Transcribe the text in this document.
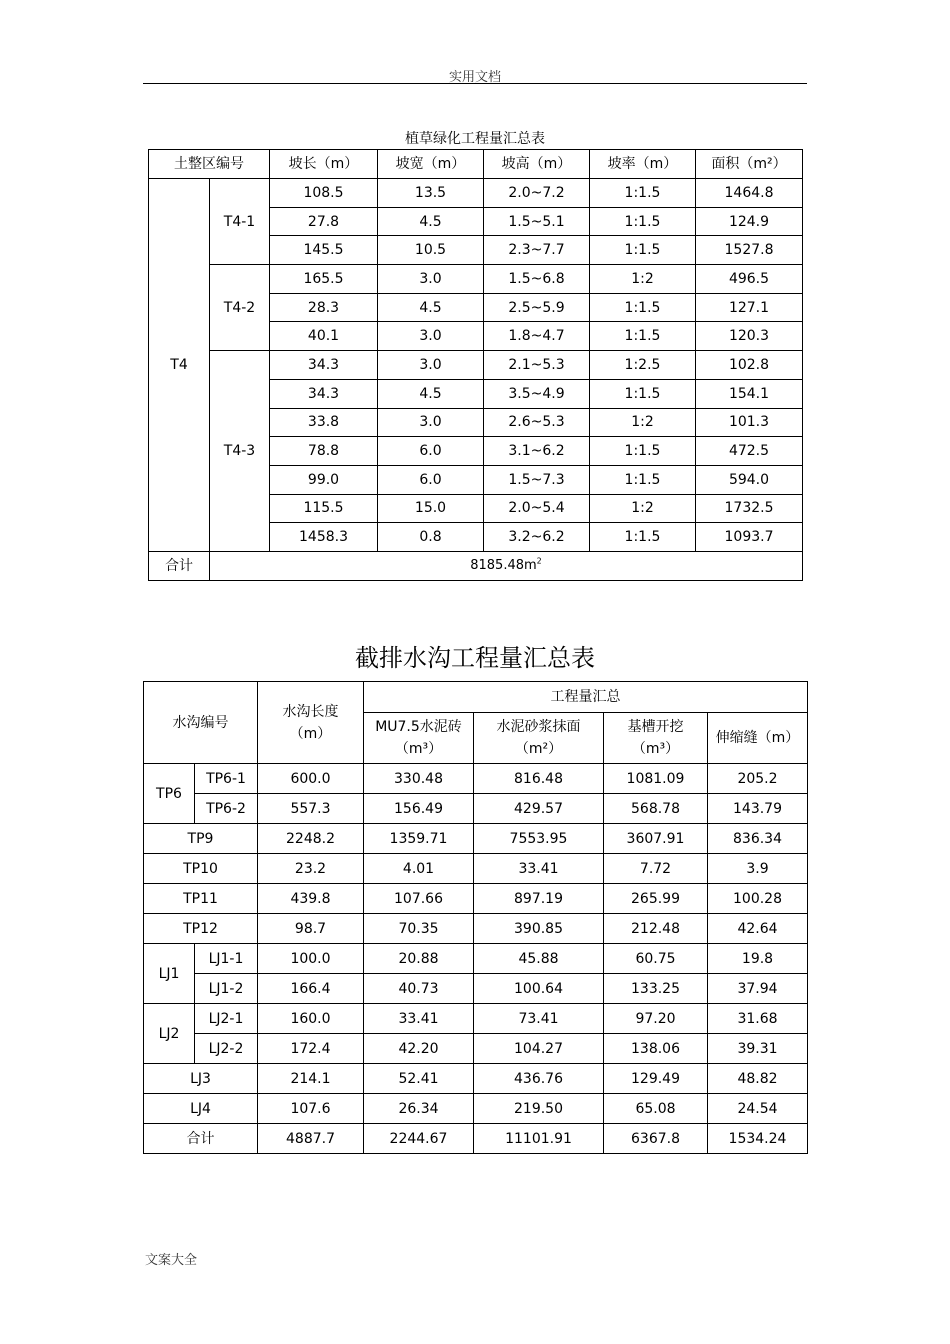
实用文档
植草绿化工程量汇总表
土整区编号		坡长（m）	坡宽（m）	坡高（m）	坡率（m）	面积（m²）
T4	T4-1	108.5	13.5	2.0~7.2	1:1.5	1464.8
		27.8	4.5	1.5~5.1	1:1.5	124.9
		145.5	10.5	2.3~7.7	1:1.5	1527.8
	T4-2	165.5	3.0	1.5~6.8	1:2	496.5
		28.3	4.5	2.5~5.9	1:1.5	127.1
		40.1	3.0	1.8~4.7	1:1.5	120.3
	T4-3	34.3	3.0	2.1~5.3	1:2.5	102.8
		34.3	4.5	3.5~4.9	1:1.5	154.1
		33.8	3.0	2.6~5.3	1:2	101.3
		78.8	6.0	3.1~6.2	1:1.5	472.5
		99.0	6.0	1.5~7.3	1:1.5	594.0
		115.5	15.0	2.0~5.4	1:2	1732.5
		1458.3	0.8	3.2~6.2	1:1.5	1093.7
合计	$8185.48m^2$
截排水沟工程量汇总表
水沟编号		水沟长度（m）	工程量汇总			
			MU7.5水泥砖（m³）	水泥砂浆抹面（m²）	基槽开挖（m³）	伸缩缝（m）
TP6	TP6-1	600.0	330.48	816.48	1081.09	205.2
	TP6-2	557.3	156.49	429.57	568.78	143.79
TP9		2248.2	1359.71	7553.95	3607.91	836.34
TP10		23.2	4.01	33.41	7.72	3.9
TP11		439.8	107.66	897.19	265.99	100.28
TP12		98.7	70.35	390.85	212.48	42.64
LJ1	LJ1-1	100.0	20.88	45.88	60.75	19.8
	LJ1-2	166.4	40.73	100.64	133.25	37.94
LJ2	LJ2-1	160.0	33.41	73.41	97.20	31.68
	LJ2-2	172.4	42.20	104.27	138.06	39.31
LJ3		214.1	52.41	436.76	129.49	48.82
LJ4		107.6	26.34	219.50	65.08	24.54
合计		4887.7	2244.67	11101.91	6367.8	1534.24
文案大全
